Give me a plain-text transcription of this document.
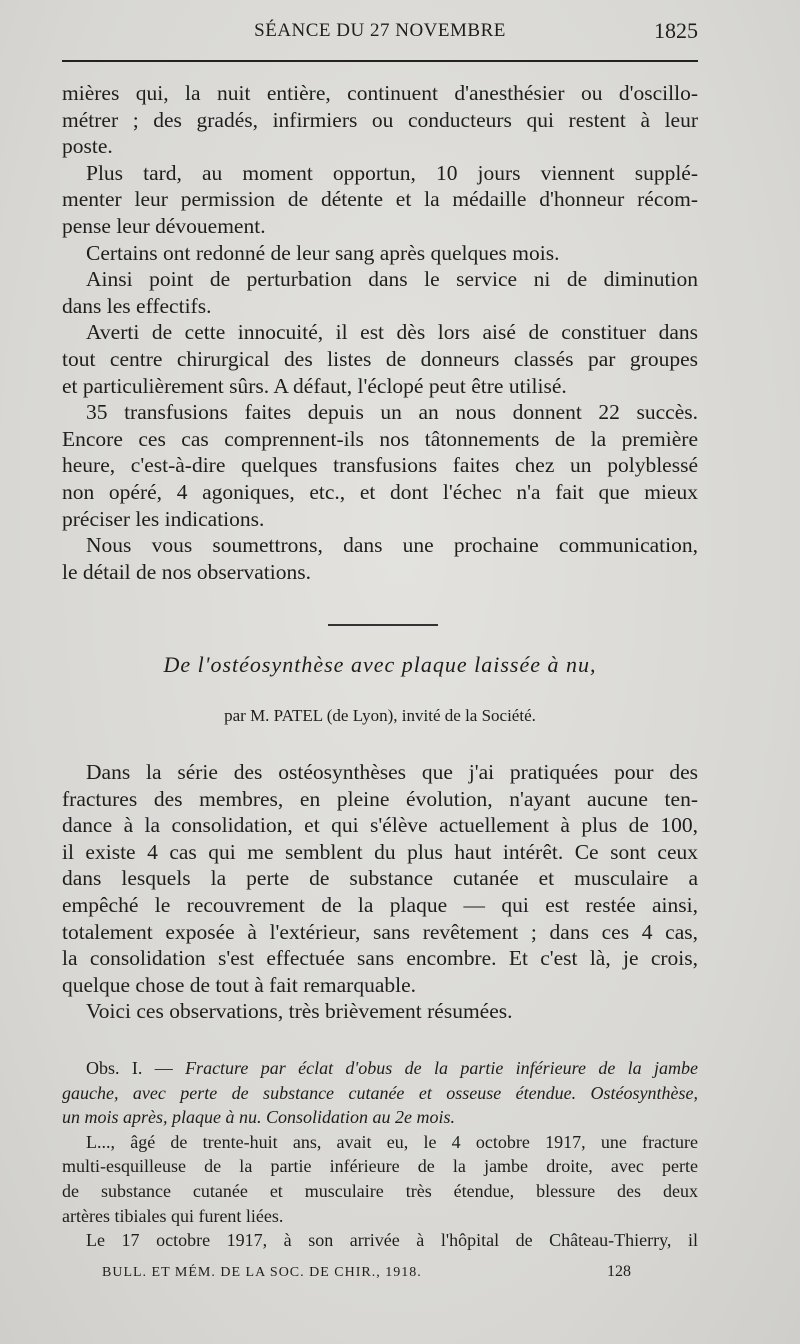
SÉANCE DU 27 NOVEMBRE	1825
mières qui, la nuit entière, continuent d'anesthésier ou d'oscillo-
métrer ; des gradés, infirmiers ou conducteurs qui restent à leur
poste.
Plus tard, au moment opportun, 10 jours viennent supplé-
menter leur permission de détente et la médaille d'honneur récom-
pense leur dévouement.
Certains ont redonné de leur sang après quelques mois.
Ainsi point de perturbation dans le service ni de diminution
dans les effectifs.
Averti de cette innocuité, il est dès lors aisé de constituer dans
tout centre chirurgical des listes de donneurs classés par groupes
et particulièrement sûrs. A défaut, l'éclopé peut être utilisé.
35 transfusions faites depuis un an nous donnent 22 succès.
Encore ces cas comprennent-ils nos tâtonnements de la première
heure, c'est-à-dire quelques transfusions faites chez un polyblessé
non opéré, 4 agoniques, etc., et dont l'échec n'a fait que mieux
préciser les indications.
Nous vous soumettrons, dans une prochaine communication,
le détail de nos observations.
De l'ostéosynthèse avec plaque laissée à nu,
par M. PATEL (de Lyon), invité de la Société.
Dans la série des ostéosynthèses que j'ai pratiquées pour des
fractures des membres, en pleine évolution, n'ayant aucune ten-
dance à la consolidation, et qui s'élève actuellement à plus de 100,
il existe 4 cas qui me semblent du plus haut intérêt. Ce sont ceux
dans lesquels la perte de substance cutanée et musculaire a
empêché le recouvrement de la plaque — qui est restée ainsi,
totalement exposée à l'extérieur, sans revêtement ; dans ces 4 cas,
la consolidation s'est effectuée sans encombre. Et c'est là, je crois,
quelque chose de tout à fait remarquable.
Voici ces observations, très brièvement résumées.
Obs. I. — Fracture par éclat d'obus de la partie inférieure de la jambe
gauche, avec perte de substance cutanée et osseuse étendue. Ostéosynthèse,
un mois après, plaque à nu. Consolidation au 2e mois.
L..., âgé de trente-huit ans, avait eu, le 4 octobre 1917, une fracture
multi-esquilleuse de la partie inférieure de la jambe droite, avec perte
de substance cutanée et musculaire très étendue, blessure des deux
artères tibiales qui furent liées.
Le 17 octobre 1917, à son arrivée à l'hôpital de Château-Thierry, il
BULL. ET MÉM. DE LA SOC. DE CHIR., 1918.	128
